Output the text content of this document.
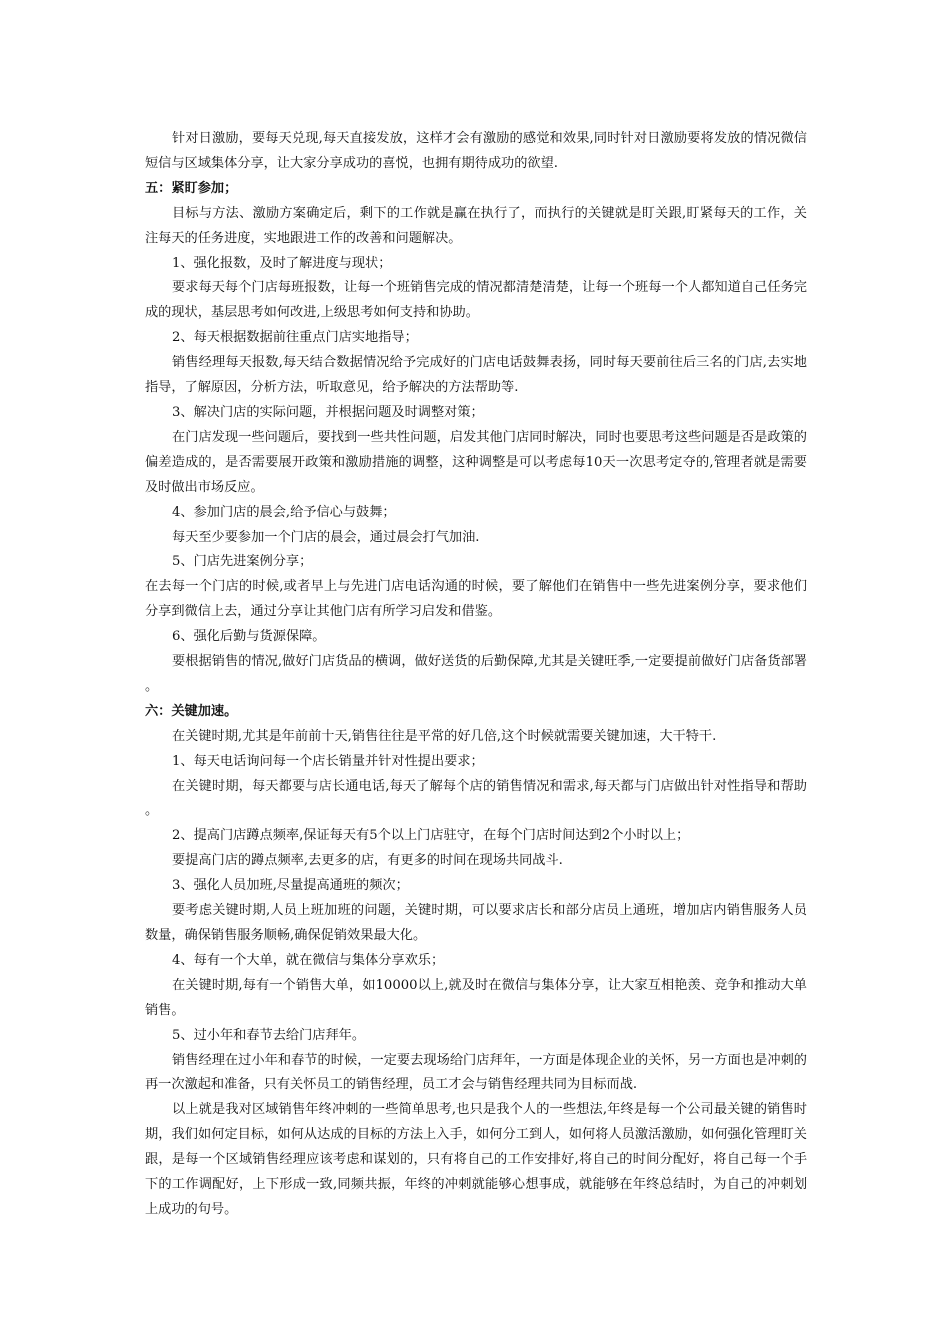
针对日激励，要每天兑现,每天直接发放，这样才会有激励的感觉和效果,同时针对日激励要将发放的情况微信短信与区域集体分享，让大家分享成功的喜悦，也拥有期待成功的欲望.

五：紧盯参加；

目标与方法、激励方案确定后，剩下的工作就是赢在执行了，而执行的关键就是盯关跟,盯紧每天的工作，关注每天的任务进度，实地跟进工作的改善和问题解决。

1、强化报数，及时了解进度与现状；

要求每天每个门店每班报数，让每一个班销售完成的情况都清楚清楚，让每一个班每一个人都知道自己任务完成的现状，基层思考如何改进,上级思考如何支持和协助。

2、每天根据数据前往重点门店实地指导；

销售经理每天报数,每天结合数据情况给予完成好的门店电话鼓舞表扬，同时每天要前往后三名的门店,去实地指导，了解原因，分析方法，听取意见，给予解决的方法帮助等.

3、解决门店的实际问题，并根据问题及时调整对策；

在门店发现一些问题后，要找到一些共性问题，启发其他门店同时解决，同时也要思考这些问题是否是政策的偏差造成的，是否需要展开政策和激励措施的调整，这种调整是可以考虑每10天一次思考定夺的,管理者就是需要及时做出市场反应。

4、参加门店的晨会,给予信心与鼓舞；

每天至少要参加一个门店的晨会，通过晨会打气加油.

5、门店先进案例分享；

在去每一个门店的时候,或者早上与先进门店电话沟通的时候，要了解他们在销售中一些先进案例分享，要求他们分享到微信上去，通过分享让其他门店有所学习启发和借鉴。

6、强化后勤与货源保障。

要根据销售的情况,做好门店货品的横调，做好送货的后勤保障,尤其是关键旺季,一定要提前做好门店备货部署。

六：关键加速。

在关键时期,尤其是年前前十天,销售往往是平常的好几倍,这个时候就需要关键加速，大干特干.

1、每天电话询问每一个店长销量并针对性提出要求；

在关键时期，每天都要与店长通电话,每天了解每个店的销售情况和需求,每天都与门店做出针对性指导和帮助。

2、提高门店蹲点频率,保证每天有5个以上门店驻守，在每个门店时间达到2个小时以上；

要提高门店的蹲点频率,去更多的店，有更多的时间在现场共同战斗.

3、强化人员加班,尽量提高通班的频次；

要考虑关键时期,人员上班加班的问题，关键时期，可以要求店长和部分店员上通班，增加店内销售服务人员数量，确保销售服务顺畅,确保促销效果最大化。

4、每有一个大单，就在微信与集体分享欢乐；

在关键时期,每有一个销售大单，如10000以上,就及时在微信与集体分享，让大家互相艳羡、竞争和推动大单销售。

5、过小年和春节去给门店拜年。

销售经理在过小年和春节的时候，一定要去现场给门店拜年，一方面是体现企业的关怀，另一方面也是冲刺的再一次激起和准备，只有关怀员工的销售经理，员工才会与销售经理共同为目标而战.

以上就是我对区域销售年终冲刺的一些简单思考,也只是我个人的一些想法,年终是每一个公司最关键的销售时期，我们如何定目标，如何从达成的目标的方法上入手，如何分工到人，如何将人员激活激励，如何强化管理盯关跟，是每一个区域销售经理应该考虑和谋划的，只有将自己的工作安排好,将自己的时间分配好，将自己每一个手下的工作调配好，上下形成一致,同频共振，年终的冲刺就能够心想事成，就能够在年终总结时，为自己的冲刺划上成功的句号。
